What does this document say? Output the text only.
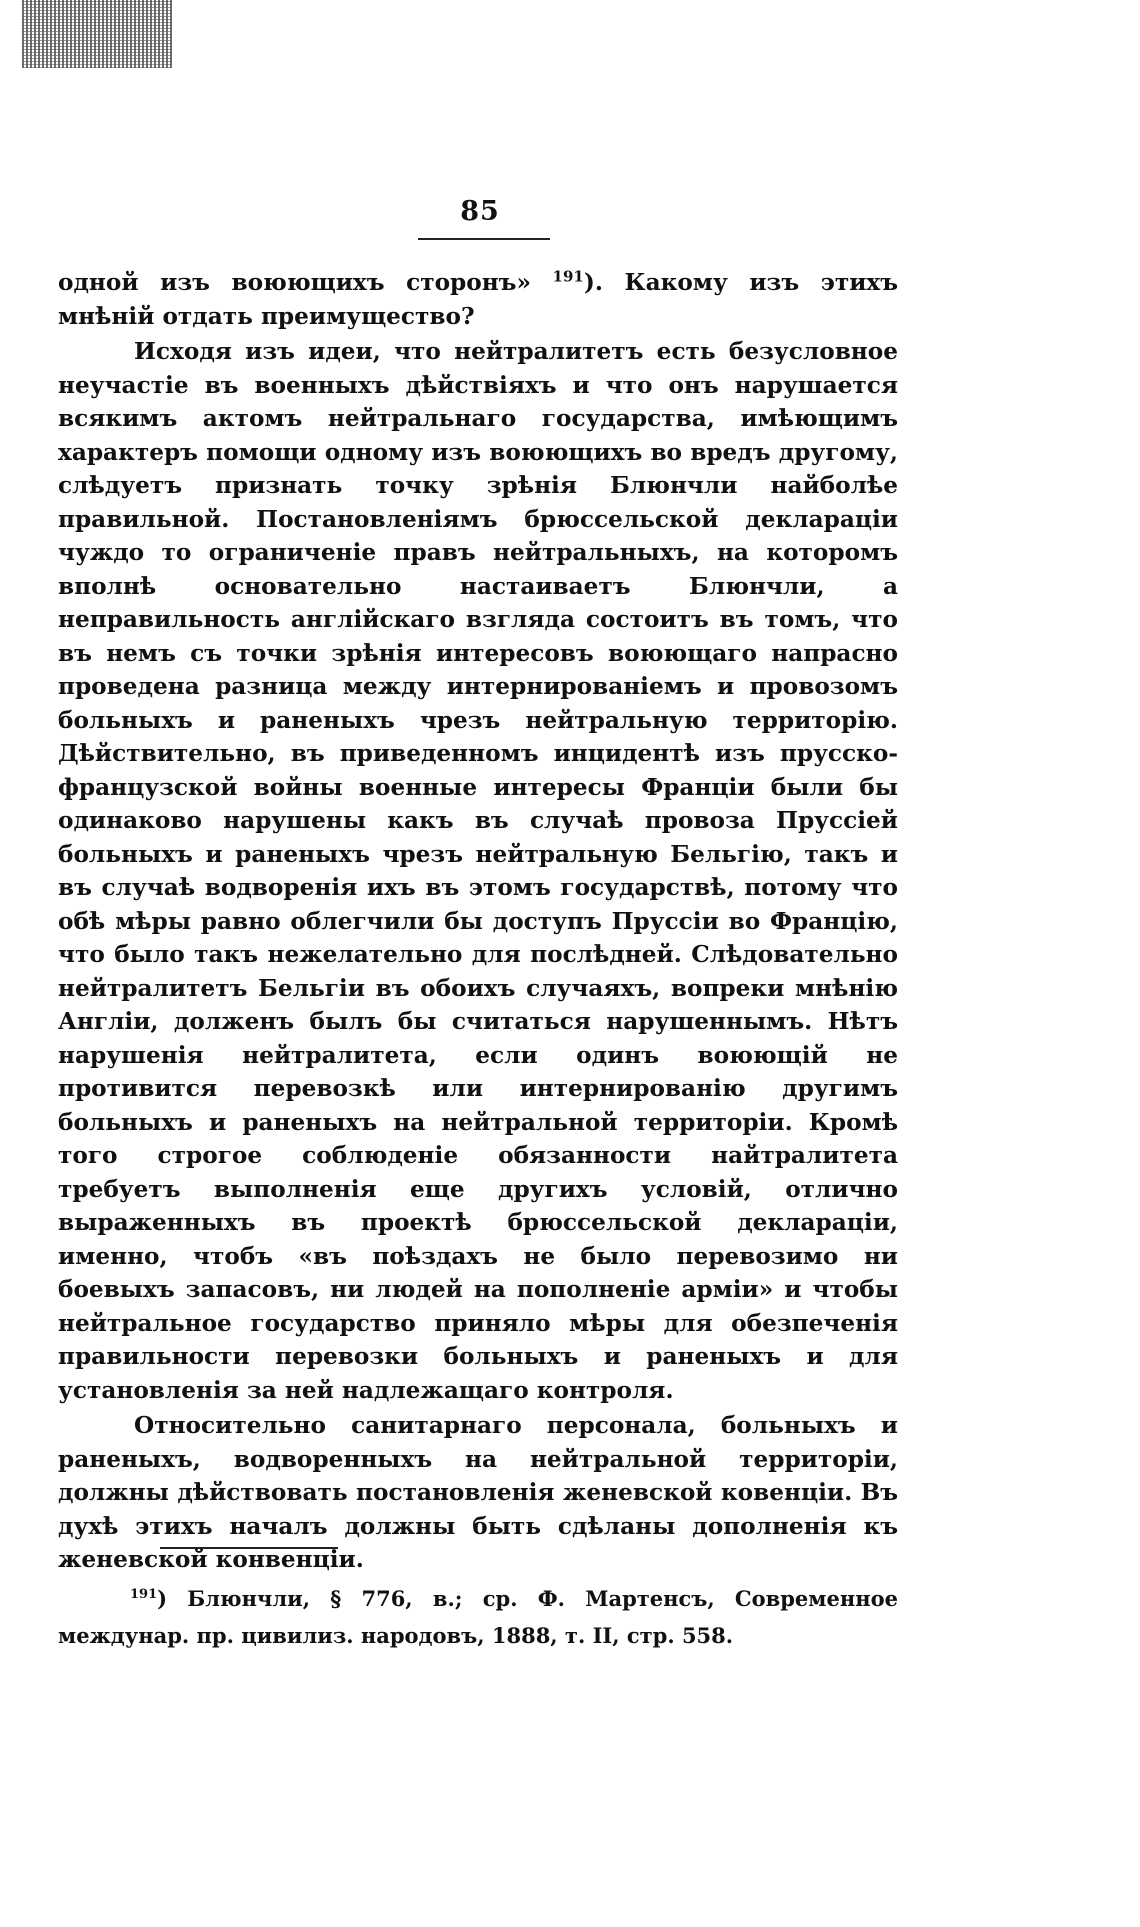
85

одной изъ воюющихъ сторонъ» $^{191}$). Какому изъ этихъ мнѣній отдать преимущество?

Исходя изъ идеи, что нейтралитетъ есть безусловное неучастіе въ военныхъ дѣйствіяхъ и что онъ нарушается всякимъ актомъ нейтральнаго государства, имѣющимъ характеръ помощи одному изъ воюющихъ во вредъ другому, слѣдуетъ признать точку зрѣнія Блюнчли найболѣе правильной. Постановленіямъ брюссельской декларацiи чуждо то ограниченіе правъ нейтральныхъ, на которомъ вполнѣ основательно настаиваетъ Блюнчли, а неправильность англійскаго взгляда состоитъ въ томъ, что въ немъ съ точки зрѣнія интересовъ воюющаго напрасно проведена разница между интернированіемъ и провозомъ больныхъ и раненыхъ чрезъ нейтральную территорію. Дѣйствительно, въ приведенномъ инцидентѣ изъ прусско-французской войны военные интересы Франціи были бы одинаково нарушены какъ въ случаѣ провоза Пруссіей больныхъ и раненыхъ чрезъ нейтральную Бельгію, такъ и въ случаѣ водворенія ихъ въ этомъ государствѣ, потому что обѣ мѣры равно облегчили бы доступъ Пруссіи во Францію, что было такъ нежелательно для послѣдней. Слѣдовательно нейтралитетъ Бельгіи въ обоихъ случаяхъ, вопреки мнѣнію Англіи, долженъ былъ бы считаться нарушеннымъ. Нѣтъ нарушенія нейтралитета, если одинъ воюющій не противится перевозкѣ или интернированію другимъ больныхъ и раненыхъ на нейтральной территоріи. Кромѣ того строгое соблюденіе обязанности найтралитета требуетъ выполненія еще другихъ условій, отлично выраженныхъ въ проектѣ брюссельской декларацiи, именно, чтобъ «въ поѣздахъ не было перевозимо ни боевыхъ запасовъ, ни людей на пополненіе арміи» и чтобы нейтральное государство приняло мѣры для обезпеченія правильности перевозки больныхъ и раненыхъ и для установленія за ней надлежащаго контроля.

Относительно санитарнаго персонала, больныхъ и раненыхъ, водворенныхъ на нейтральной территоріи, должны дѣйствовать постановленія женевской ковенціи. Въ духѣ этихъ началъ должны быть сдѣланы дополненія къ женевской конвенціи.

$^{191}$) Блюнчли, § 776, в.; ср. Ф. Мартенсъ, Современное междунар. пр. цивилиз. народовъ, 1888, т. II, стр. 558.
